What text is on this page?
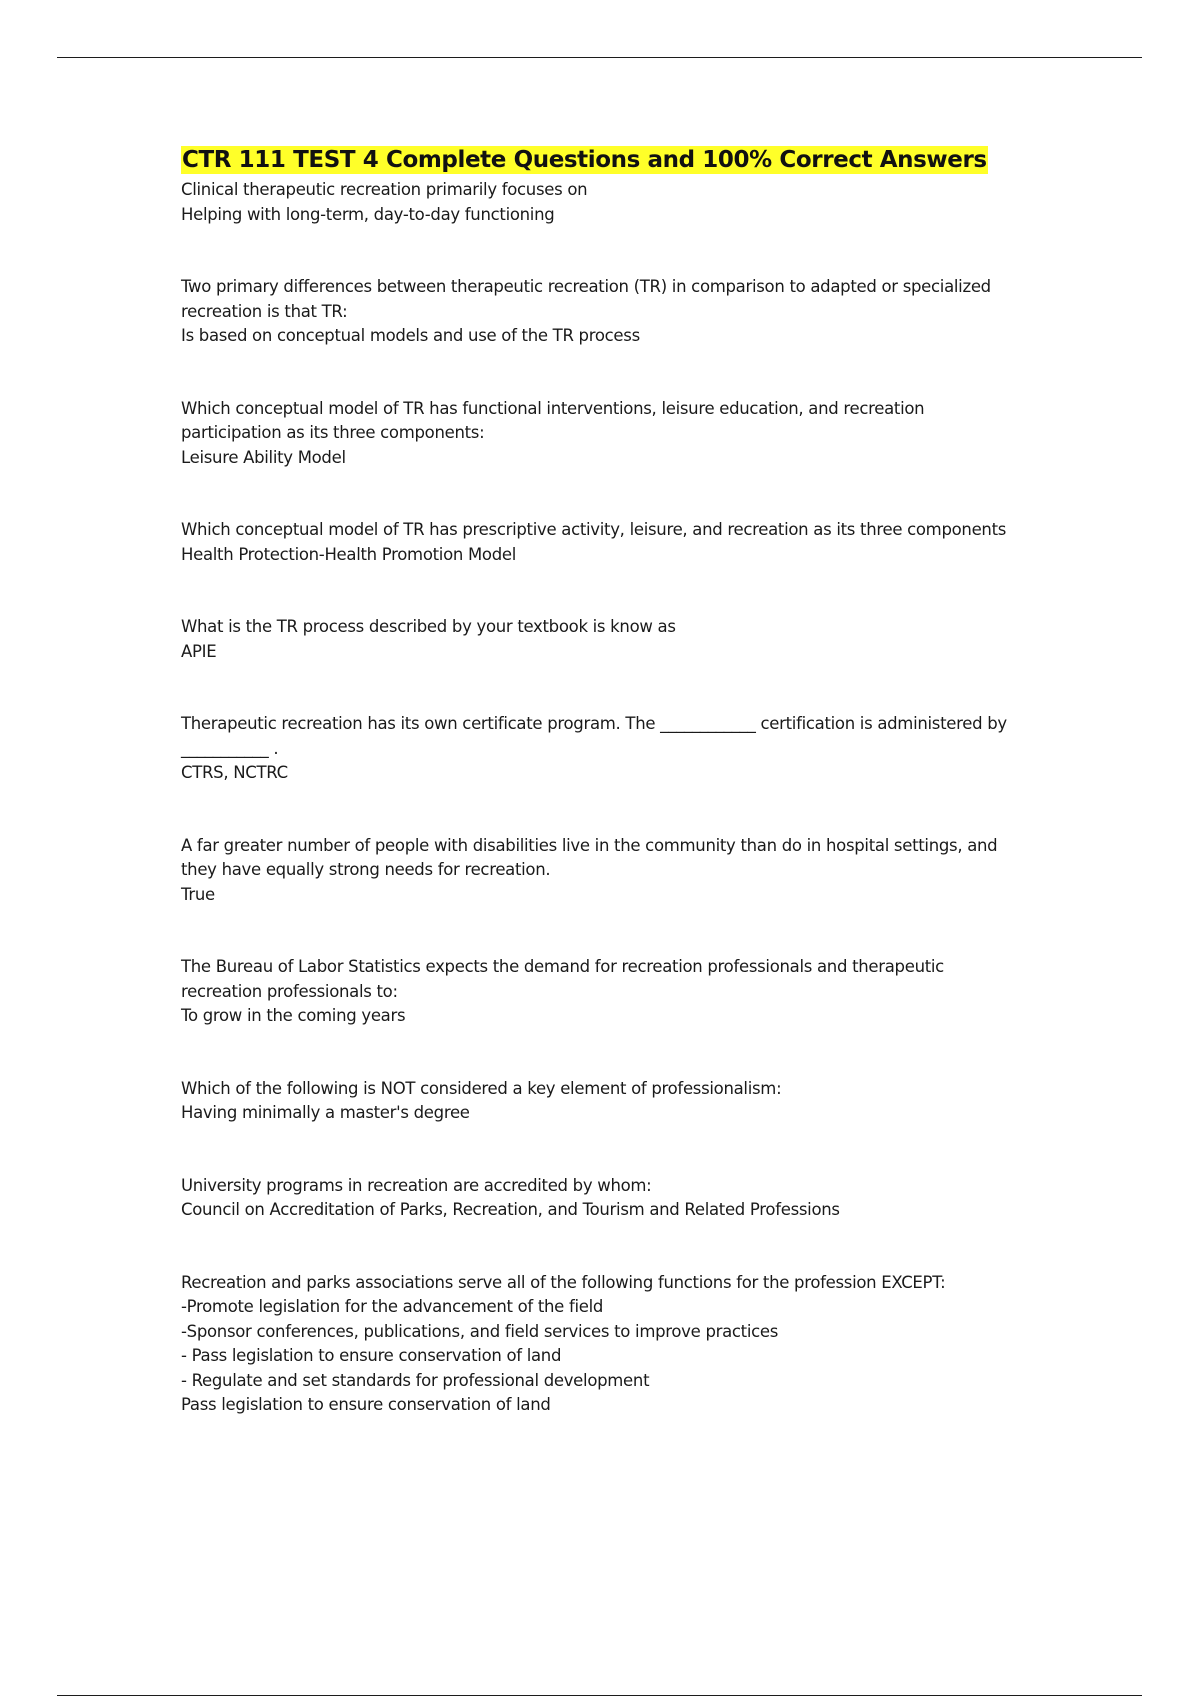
CTR 111 TEST 4 Complete Questions and 100% Correct Answers
Clinical therapeutic recreation primarily focuses on
Helping with long-term, day-to-day functioning
Two primary differences between therapeutic recreation (TR) in comparison to adapted or specialized recreation is that TR:
Is based on conceptual models and use of the TR process
Which conceptual model of TR has functional interventions, leisure education, and recreation participation as its three components:
Leisure Ability Model
Which conceptual model of TR has prescriptive activity, leisure, and recreation as its three components
Health Protection-Health Promotion Model
What is the TR process described by your textbook is know as
APIE
Therapeutic recreation has its own certificate program. The ____________ certification is administered by ___________ .
CTRS, NCTRC
A far greater number of people with disabilities live in the community than do in hospital settings, and they have equally strong needs for recreation.
True
The Bureau of Labor Statistics expects the demand for recreation professionals and therapeutic recreation professionals to:
To grow in the coming years
Which of the following is NOT considered a key element of professionalism:
Having minimally a master's degree
University programs in recreation are accredited by whom:
Council on Accreditation of Parks, Recreation, and Tourism and Related Professions
Recreation and parks associations serve all of the following functions for the profession EXCEPT:
-Promote legislation for the advancement of the field
-Sponsor conferences, publications, and field services to improve practices
- Pass legislation to ensure conservation of land
- Regulate and set standards for professional development
Pass legislation to ensure conservation of land
